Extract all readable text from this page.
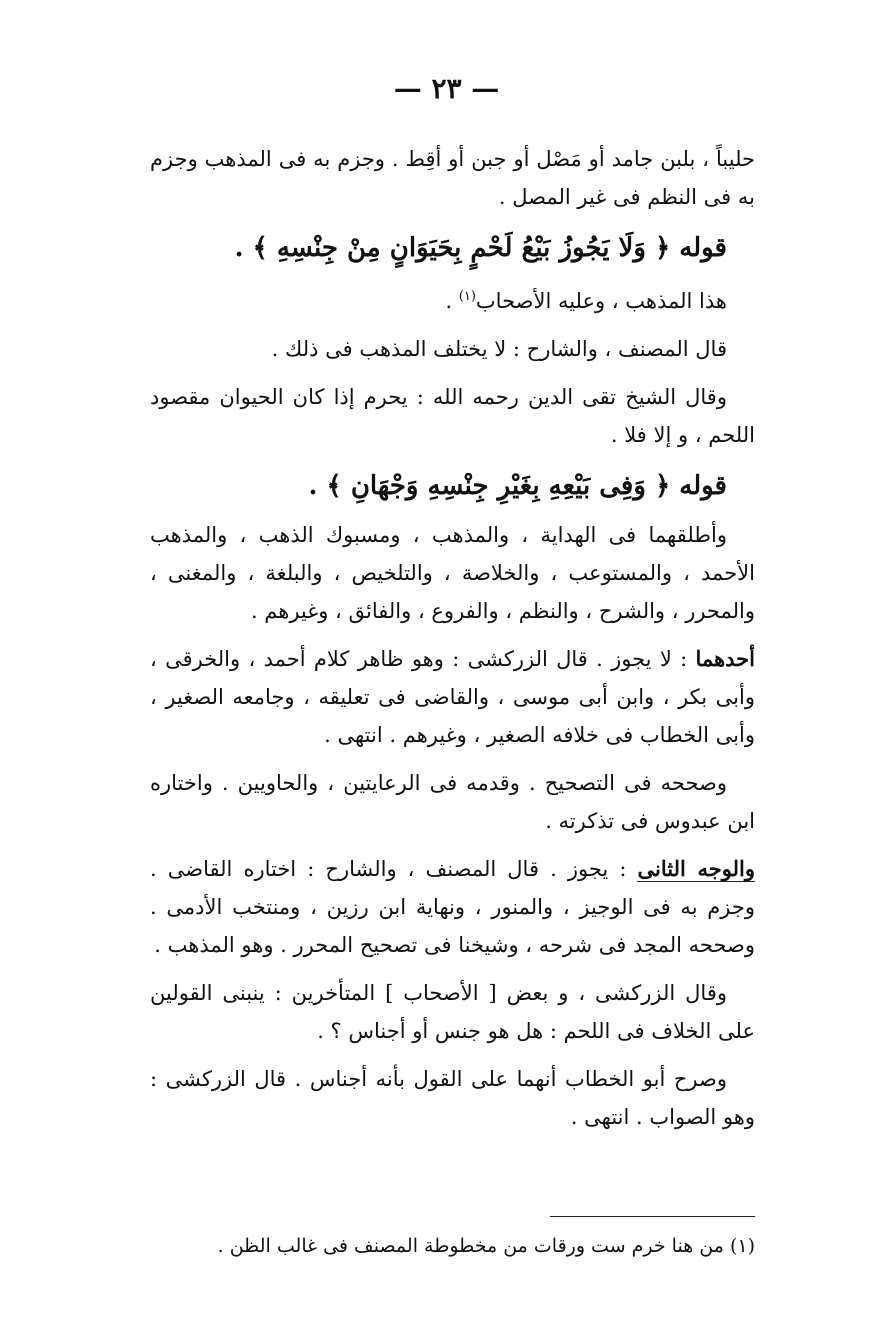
— ٢٣ —

حليباً ، بلبن جامد أو مَصْل أو جبن أو أقِط . وجزم به فى المذهب وجزم به فى النظم فى غير المصل .

قوله ﴿ وَلَا يَجُوزُ بَيْعُ لَحْمٍ بِحَيَوَانٍ مِنْ جِنْسِهِ ﴾ .

هذا المذهب ، وعليه الأصحاب$^{(١)}$ .

قال المصنف ، والشارح : لا يختلف المذهب فى ذلك .

وقال الشيخ تقى الدين رحمه الله : يحرم إذا كان الحيوان مقصود اللحم ، و إلا فلا .

قوله ﴿ وَفِى بَيْعِهِ بِغَيْرِ جِنْسِهِ وَجْهَانِ ﴾ .

وأطلقهما فى الهداية ، والمذهب ، ومسبوك الذهب ، والمذهب الأحمد ، والمستوعب ، والخلاصة ، والتلخيص ، والبلغة ، والمغنى ، والمحرر ، والشرح ، والنظم ، والفروع ، والفائق ، وغيرهم .

أحدهما : لا يجوز . قال الزركشى : وهو ظاهر كلام أحمد ، والخرقى ، وأبى بكر ، وابن أبى موسى ، والقاضى فى تعليقه ، وجامعه الصغير ، وأبى الخطاب فى خلافه الصغير ، وغيرهم . انتهى .

وصححه فى التصحيح . وقدمه فى الرعايتين ، والحاويين . واختاره ابن عبدوس فى تذكرته .

والوجه الثانى : يجوز . قال المصنف ، والشارح : اختاره القاضى . وجزم به فى الوجيز ، والمنور ، ونهاية ابن رزين ، ومنتخب الأدمى . وصححه المجد فى شرحه ، وشيخنا فى تصحيح المحرر . وهو المذهب .

وقال الزركشى ، و بعض [ الأصحاب ] المتأخرين : ينبنى القولين على الخلاف فى اللحم : هل هو جنس أو أجناس ؟ .

وصرح أبو الخطاب أنهما على القول بأنه أجناس . قال الزركشى : وهو الصواب . انتهى .

(١) من هنا خرم ست ورقات من مخطوطة المصنف فى غالب الظن .
